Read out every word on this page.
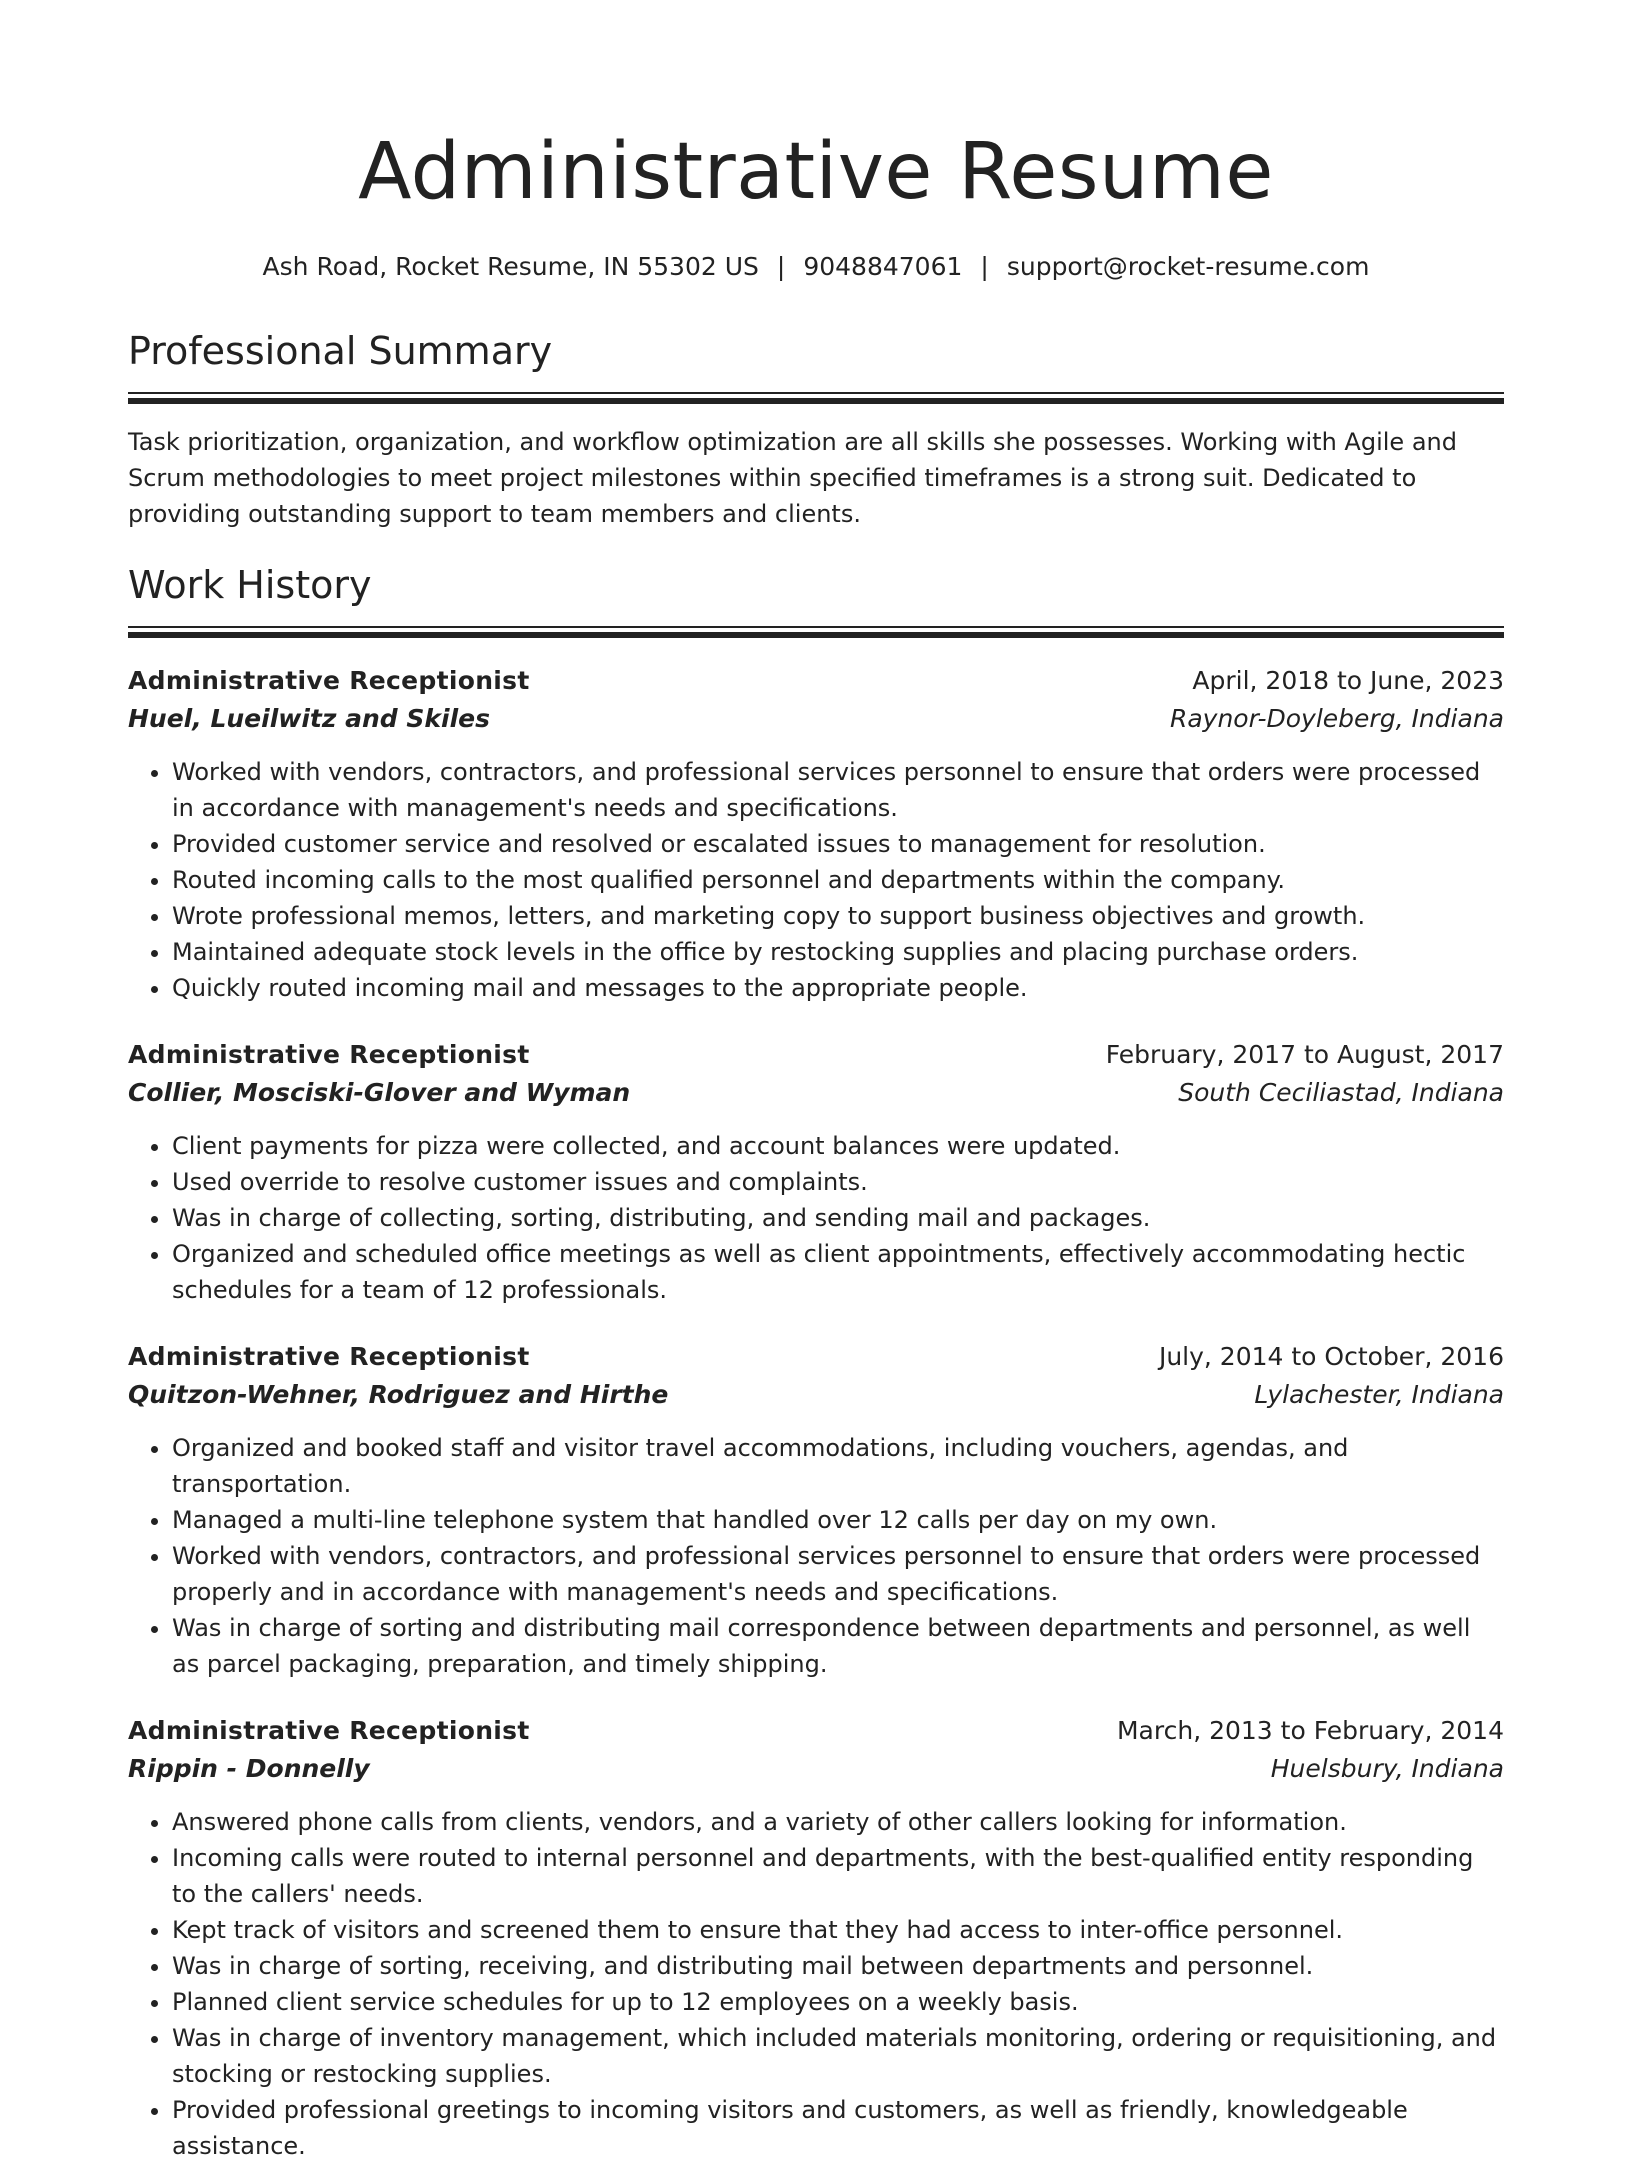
Administrative Resume
Ash Road, Rocket Resume, IN 55302 US | 9048847061 | support@rocket-resume.com
Professional Summary

Task prioritization, organization, and workflow optimization are all skills she possesses. Working with Agile and Scrum methodologies to meet project milestones within specified timeframes is a strong suit. Dedicated to providing outstanding support to team members and clients.

Work History
Administrative Receptionist	April, 2018 to June, 2023
Huel, Lueilwitz and Skiles	Raynor-Doyleberg, Indiana
• Worked with vendors, contractors, and professional services personnel to ensure that orders were processed in accordance with management's needs and specifications.
• Provided customer service and resolved or escalated issues to management for resolution.
• Routed incoming calls to the most qualified personnel and departments within the company.
• Wrote professional memos, letters, and marketing copy to support business objectives and growth.
• Maintained adequate stock levels in the office by restocking supplies and placing purchase orders.
• Quickly routed incoming mail and messages to the appropriate people.
Administrative Receptionist	February, 2017 to August, 2017
Collier, Mosciski-Glover and Wyman	South Ceciliastad, Indiana
• Client payments for pizza were collected, and account balances were updated.
• Used override to resolve customer issues and complaints.
• Was in charge of collecting, sorting, distributing, and sending mail and packages.
• Organized and scheduled office meetings as well as client appointments, effectively accommodating hectic schedules for a team of 12 professionals.
Administrative Receptionist	July, 2014 to October, 2016
Quitzon-Wehner, Rodriguez and Hirthe	Lylachester, Indiana
• Organized and booked staff and visitor travel accommodations, including vouchers, agendas, and transportation.
• Managed a multi-line telephone system that handled over 12 calls per day on my own.
• Worked with vendors, contractors, and professional services personnel to ensure that orders were processed properly and in accordance with management's needs and specifications.
• Was in charge of sorting and distributing mail correspondence between departments and personnel, as well as parcel packaging, preparation, and timely shipping.
Administrative Receptionist	March, 2013 to February, 2014
Rippin - Donnelly	Huelsbury, Indiana
• Answered phone calls from clients, vendors, and a variety of other callers looking for information.
• Incoming calls were routed to internal personnel and departments, with the best-qualified entity responding to the callers' needs.
• Kept track of visitors and screened them to ensure that they had access to inter-office personnel.
• Was in charge of sorting, receiving, and distributing mail between departments and personnel.
• Planned client service schedules for up to 12 employees on a weekly basis.
• Was in charge of inventory management, which included materials monitoring, ordering or requisitioning, and stocking or restocking supplies.
• Provided professional greetings to incoming visitors and customers, as well as friendly, knowledgeable assistance.
